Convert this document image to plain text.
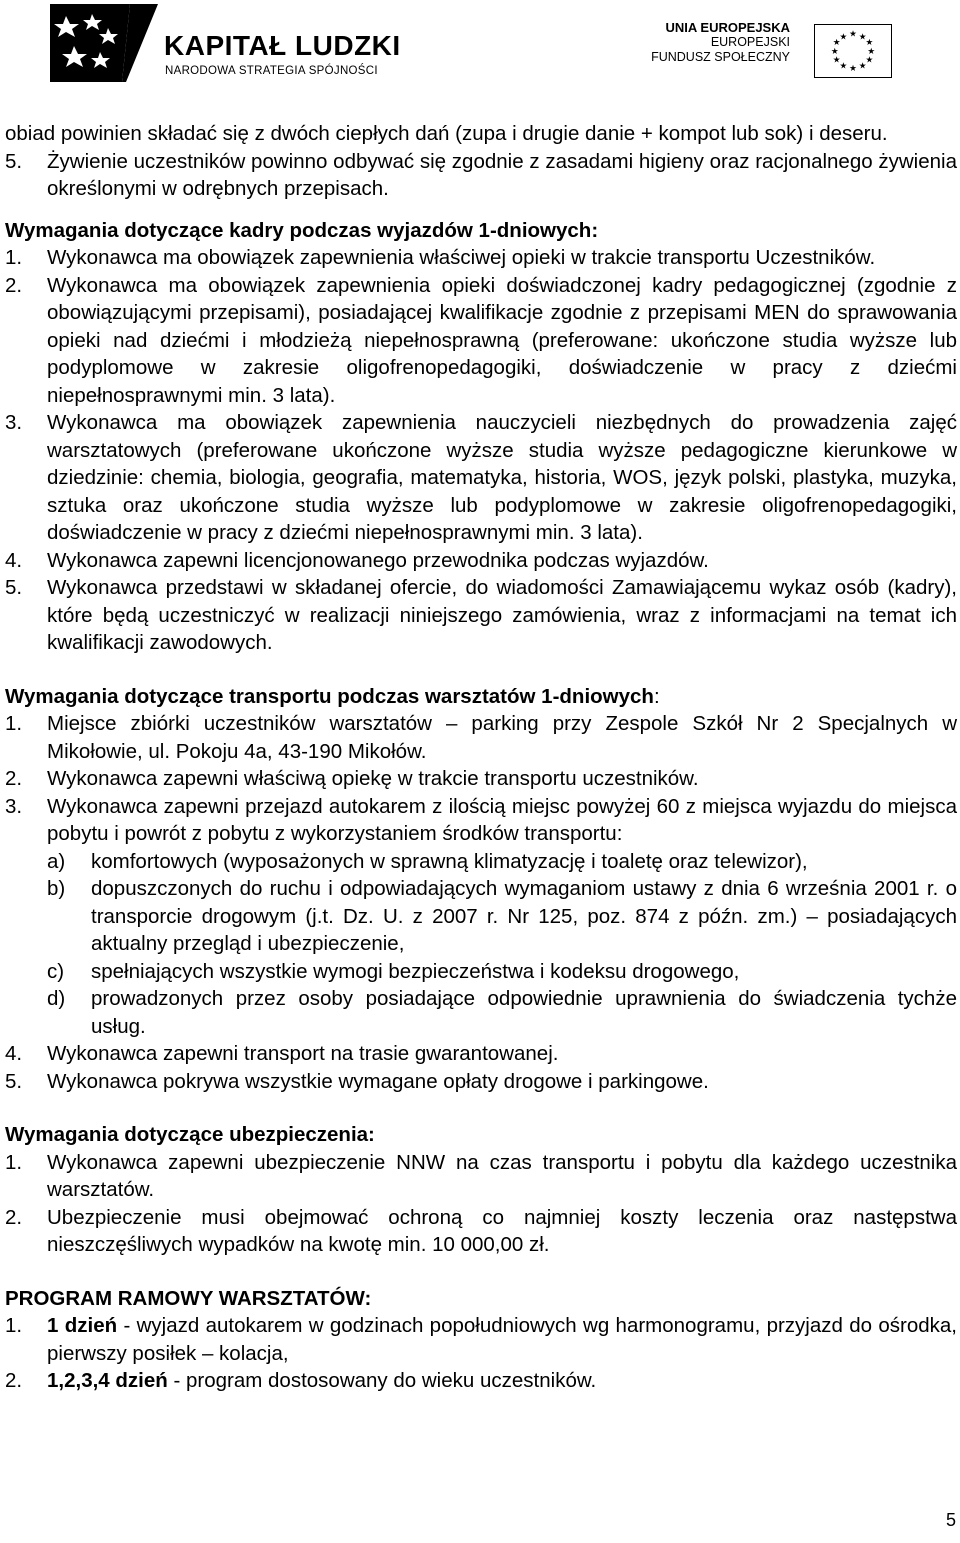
KAPITAŁ LUDZKI
NARODOWA STRATEGIA SPÓJNOŚCI
UNIA EUROPEJSKA
EUROPEJSKI
FUNDUSZ SPOŁECZNY
★ ★
★
★
★
★
★
★
★
★
★
★

obiad powinien składać się z dwóch ciepłych dań (zupa i drugie danie + kompot lub sok) i deseru.

5.	Żywienie uczestników powinno odbywać się zgodnie z zasadami higieny oraz racjonalnego żywienia określonymi w odrębnych przepisach.

Wymagania dotyczące kadry podczas wyjazdów 1-dniowych:

1.	Wykonawca ma obowiązek zapewnienia właściwej opieki w trakcie transportu Uczestników.
2.	Wykonawca ma obowiązek zapewnienia opieki doświadczonej kadry pedagogicznej (zgodnie z obowiązującymi przepisami), posiadającej kwalifikacje zgodnie z przepisami MEN do sprawowania opieki nad dziećmi i młodzieżą niepełnosprawną (preferowane: ukończone studia wyższe lub podyplomowe w zakresie oligofrenopedagogiki, doświadczenie w pracy z dziećmi niepełnosprawnymi min. 3 lata).
3.	Wykonawca ma obowiązek zapewnienia nauczycieli niezbędnych do prowadzenia zajęć warsztatowych (preferowane ukończone wyższe studia wyższe pedagogiczne kierunkowe w dziedzinie: chemia, biologia, geografia, matematyka, historia, WOS, język polski, plastyka, muzyka, sztuka oraz ukończone studia wyższe lub podyplomowe w zakresie oligofrenopedagogiki, doświadczenie w pracy z dziećmi niepełnosprawnymi min. 3 lata).
4.	Wykonawca zapewni licencjonowanego przewodnika podczas wyjazdów.
5.	Wykonawca przedstawi w składanej ofercie, do wiadomości Zamawiającemu wykaz osób (kadry), które będą uczestniczyć w realizacji niniejszego zamówienia, wraz z informacjami na temat ich kwalifikacji zawodowych.

Wymagania dotyczące transportu podczas warsztatów 1-dniowych:

1.	Miejsce zbiórki uczestników warsztatów – parking przy Zespole Szkół Nr 2 Specjalnych w Mikołowie, ul. Pokoju 4a, 43-190 Mikołów.
2.	Wykonawca zapewni właściwą opiekę w trakcie transportu uczestników.
3.	Wykonawca zapewni przejazd autokarem z ilością miejsc powyżej 60 z miejsca wyjazdu do miejsca pobytu i powrót z pobytu z wykorzystaniem środków transportu:
a)	komfortowych (wyposażonych w sprawną klimatyzację i toaletę oraz telewizor),
b)	dopuszczonych do ruchu i odpowiadających wymaganiom ustawy z dnia 6 września 2001 r. o transporcie drogowym (j.t. Dz. U. z 2007 r. Nr 125, poz. 874 z późn. zm.) – posiadających aktualny przegląd i ubezpieczenie,
c)	spełniających wszystkie wymogi bezpieczeństwa i kodeksu drogowego,
d)	prowadzonych przez osoby posiadające odpowiednie uprawnienia do świadczenia tychże usług.
4.	Wykonawca zapewni transport na trasie gwarantowanej.
5.	Wykonawca pokrywa wszystkie wymagane opłaty drogowe i parkingowe.

Wymagania dotyczące ubezpieczenia:

1.	Wykonawca zapewni ubezpieczenie NNW na czas transportu i pobytu dla każdego uczestnika warsztatów.
2.	Ubezpieczenie musi obejmować ochroną co najmniej koszty leczenia oraz następstwa nieszczęśliwych wypadków na kwotę min. 10 000,00 zł.

PROGRAM RAMOWY WARSZTATÓW:

1.	1 dzień - wyjazd autokarem w godzinach popołudniowych wg harmonogramu, przyjazd do ośrodka, pierwszy posiłek – kolacja,
2.	1,2,3,4 dzień - program dostosowany do wieku uczestników.
5
